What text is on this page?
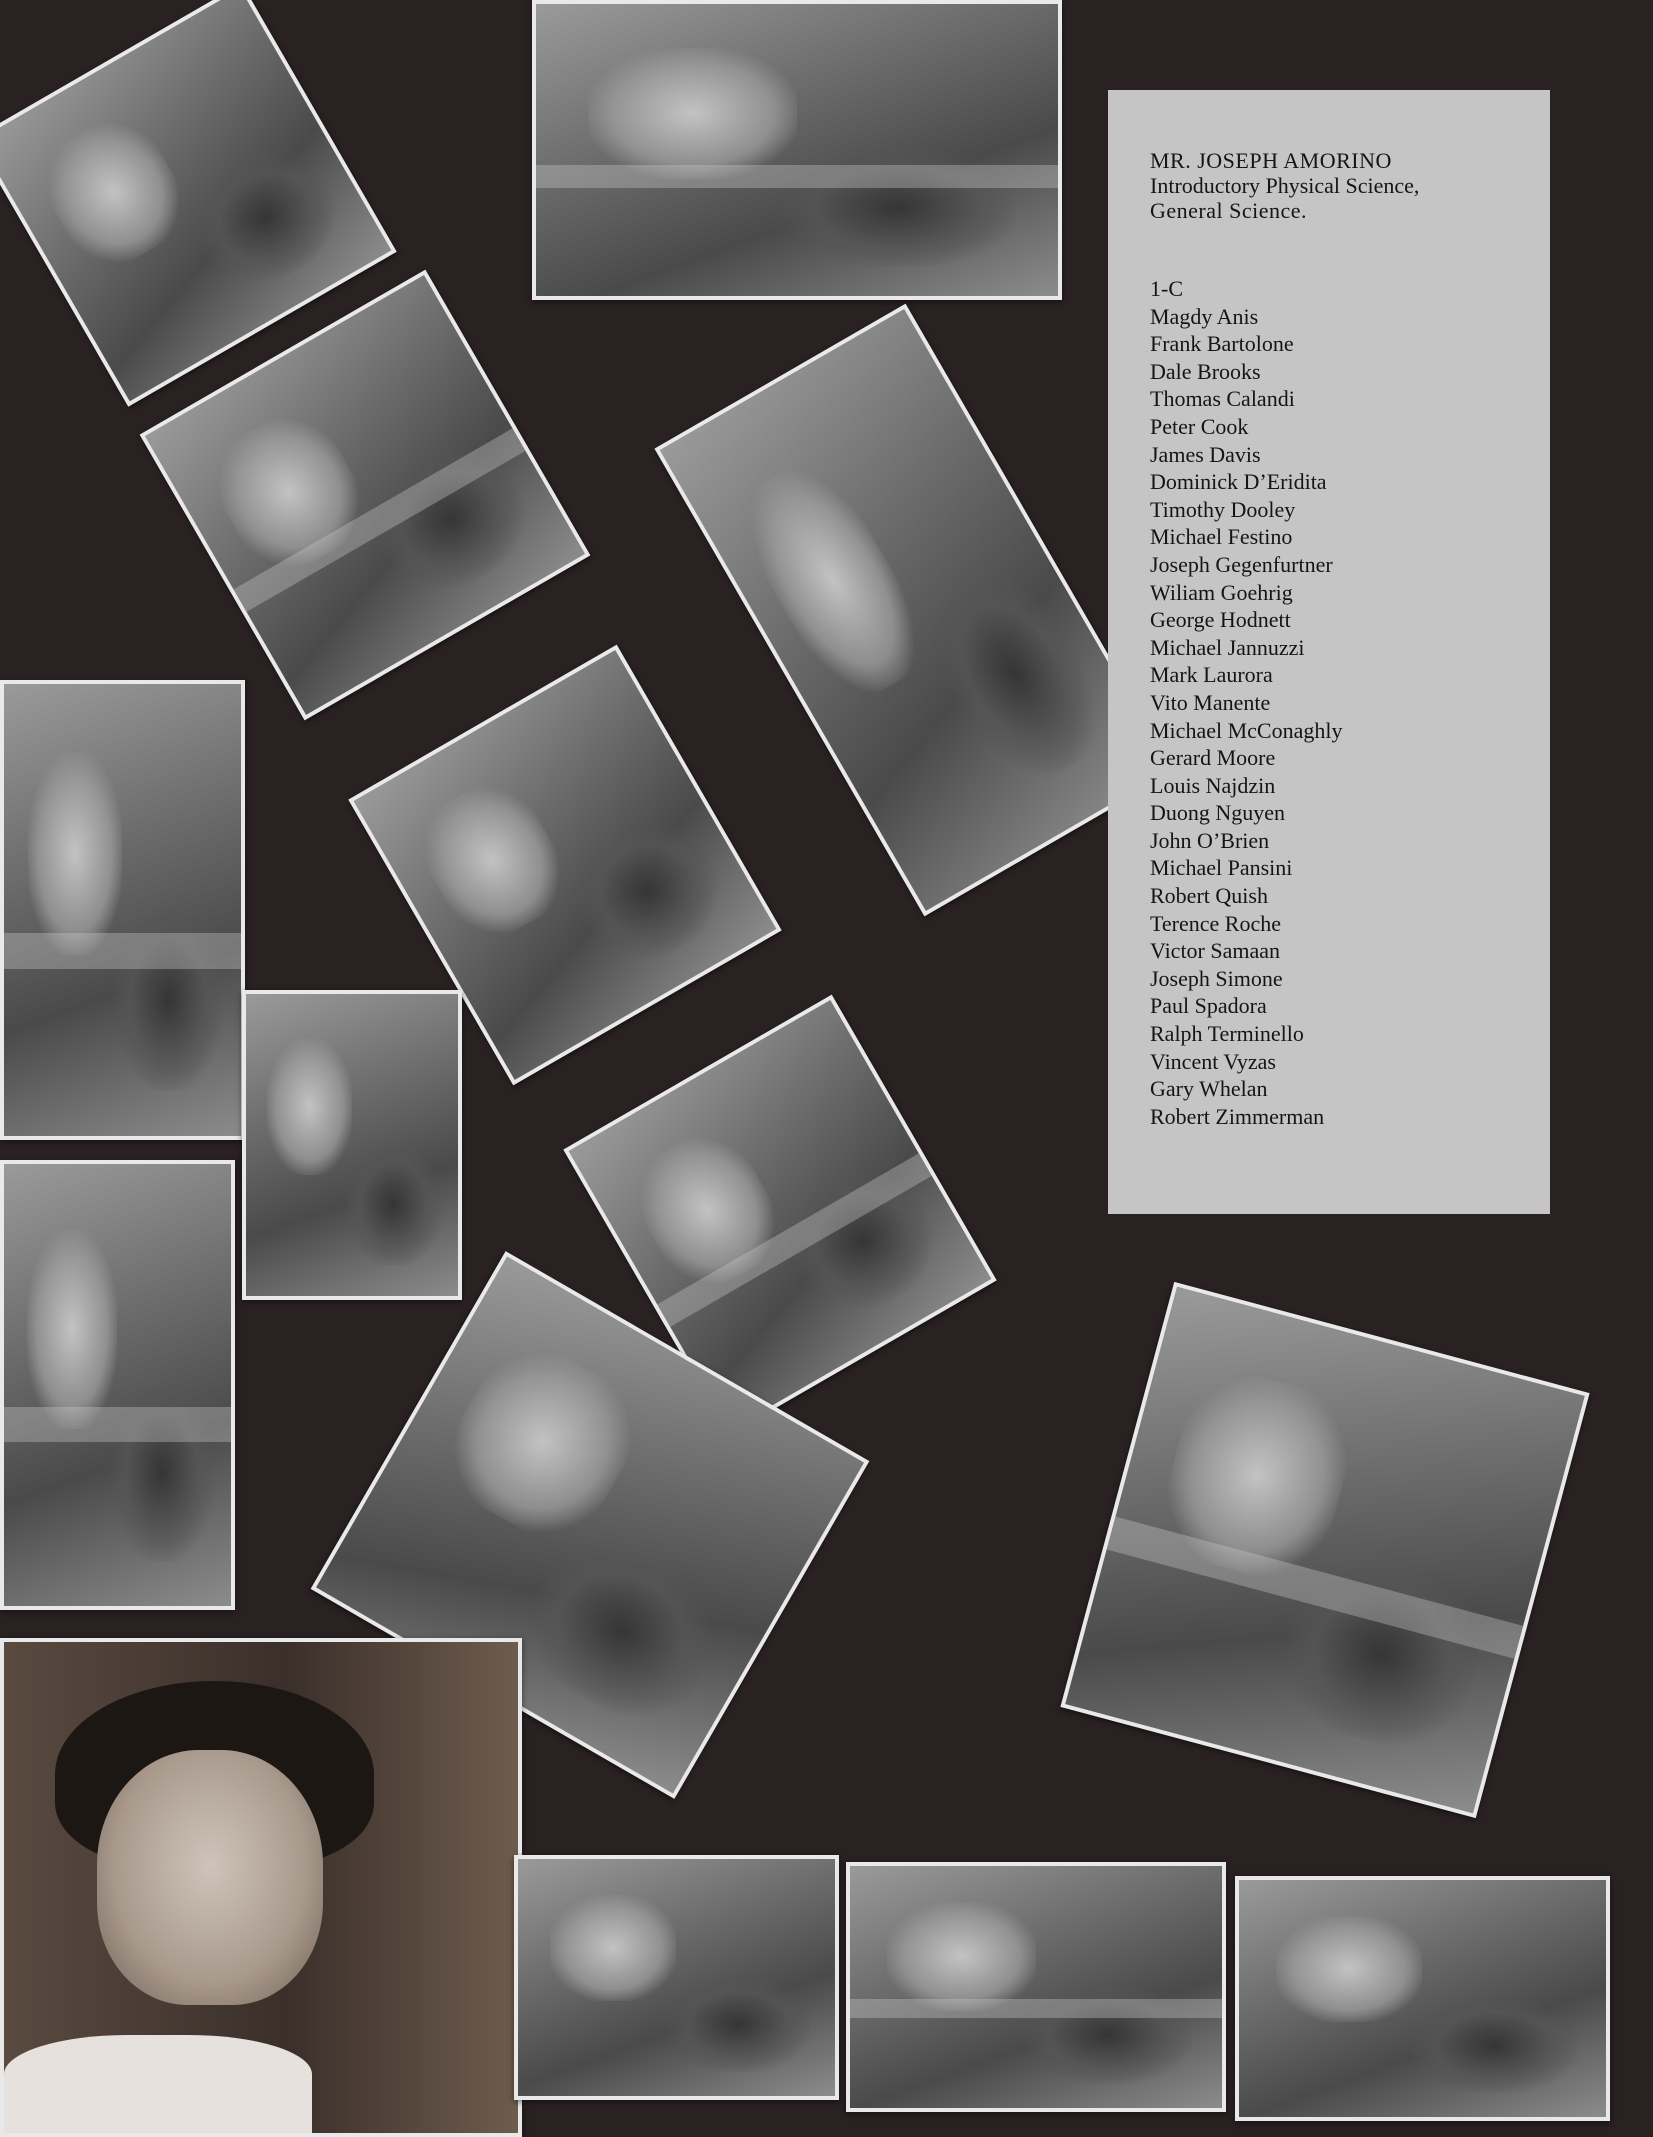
MR. JOSEPH AMORINO
Introductory Physical Science,
General Science.
1-C
Magdy Anis
Frank Bartolone
Dale Brooks
Thomas Calandi
Peter Cook
James Davis
Dominick D’Eridita
Timothy Dooley
Michael Festino
Joseph Gegenfurtner
Wiliam Goehrig
George Hodnett
Michael Jannuzzi
Mark Laurora
Vito Manente
Michael McConaghly
Gerard Moore
Louis Najdzin
Duong Nguyen
John O’Brien
Michael Pansini
Robert Quish
Terence Roche
Victor Samaan
Joseph Simone
Paul Spadora
Ralph Terminello
Vincent Vyzas
Gary Whelan
Robert Zimmerman
